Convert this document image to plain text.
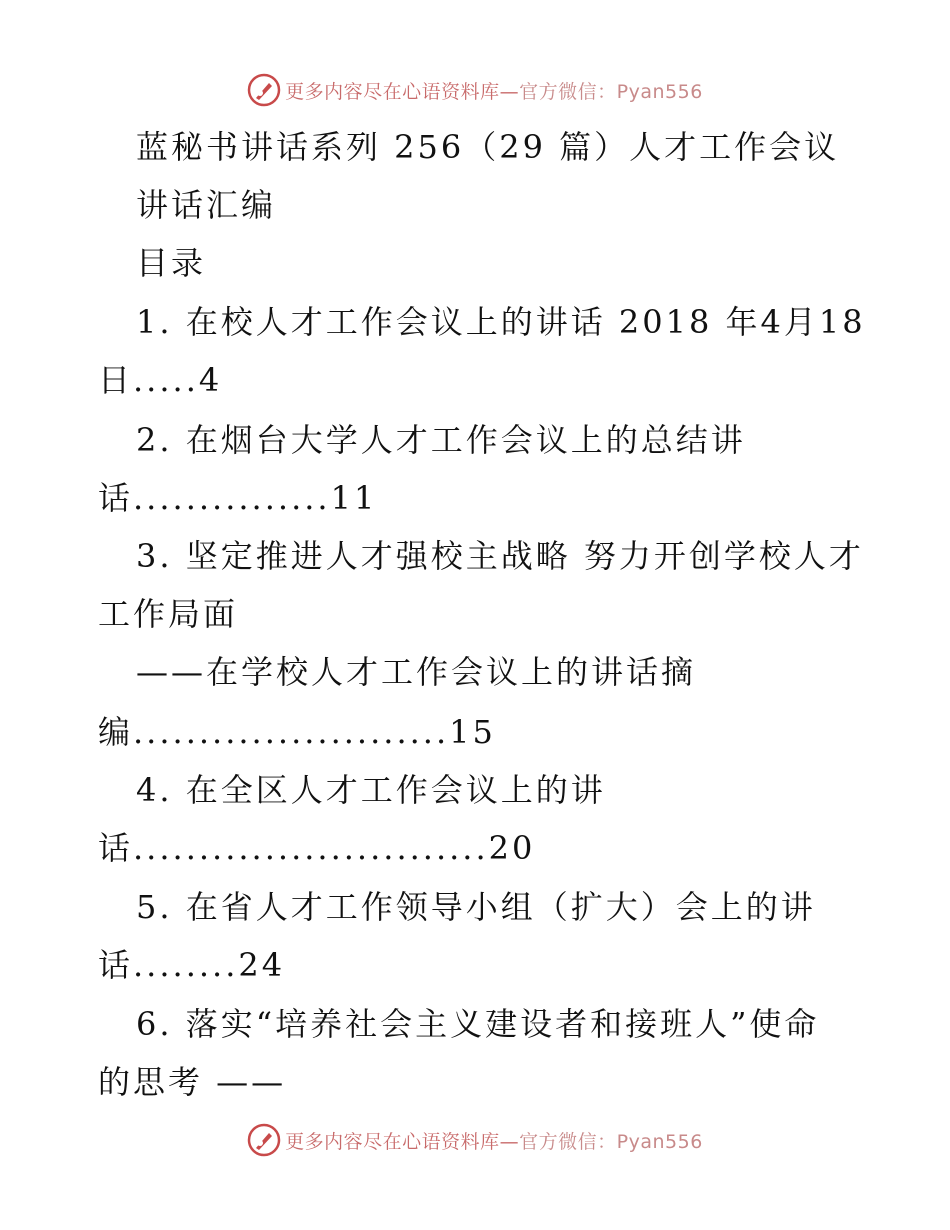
更多内容尽在心语资料库—官方微信：Pyan556
蓝秘书讲话系列 256（29 篇）人才工作会议
讲话汇编
目录
1. 在校人才工作会议上的讲话 2018 年4月18
日.....4
2. 在烟台大学人才工作会议上的总结讲
话...............11
3. 坚定推进人才强校主战略 努力开创学校人才
工作局面
——在学校人才工作会议上的讲话摘
编........................15
4. 在全区人才工作会议上的讲
话...........................20
5. 在省人才工作领导小组（扩大）会上的讲
话........24
6. 落实“培养社会主义建设者和接班人”使命
的思考 ——
更多内容尽在心语资料库—官方微信：Pyan556
